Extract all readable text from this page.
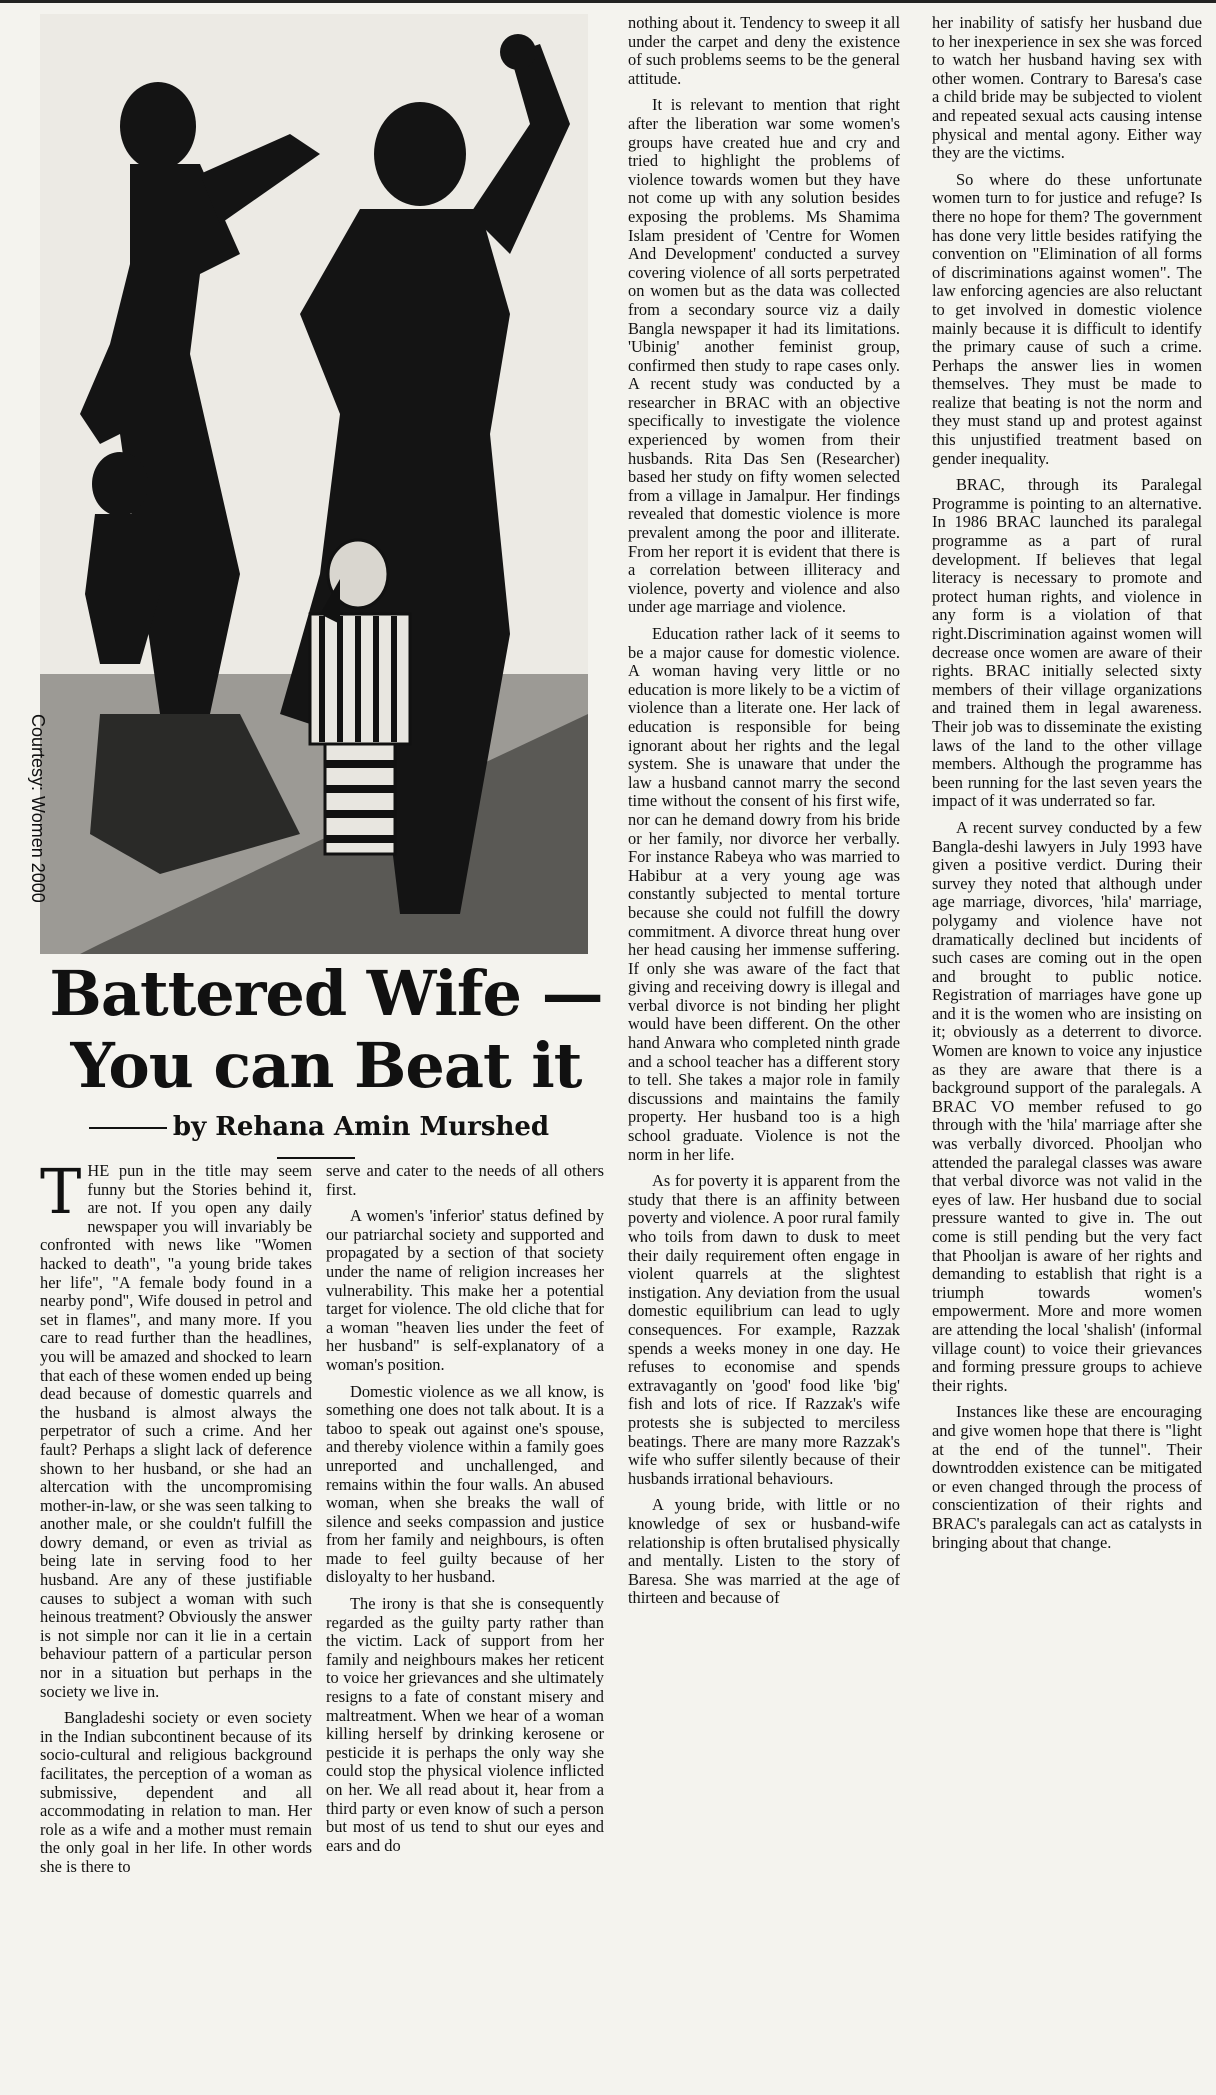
Courtesy: Women 2000
Battered Wife —
You can Beat it
by Rehana Amin Murshed

THE pun in the title may seem funny but the Stories behind it, are not. If you open any daily newspaper you will invariably be confronted with news like "Women hacked to death", "a young bride takes her life", "A female body found in a nearby pond", Wife doused in petrol and set in flames", and many more. If you care to read further than the headlines, you will be amazed and shocked to learn that each of these women ended up being dead because of domestic quarrels and the husband is almost always the perpetrator of such a crime. And her fault? Perhaps a slight lack of deference shown to her husband, or she had an altercation with the uncompromising mother-in-law, or she was seen talking to another male, or she couldn't fulfill the dowry demand, or even as trivial as being late in serving food to her husband. Are any of these justifiable causes to subject a woman with such heinous treatment? Obviously the answer is not simple nor can it lie in a certain behaviour pattern of a particular person nor in a situation but perhaps in the society we live in.

Bangladeshi society or even society in the Indian subcontinent because of its socio-cultural and religious background facilitates, the perception of a woman as submissive, dependent and all accommodating in relation to man. Her role as a wife and a mother must remain the only goal in her life. In other words she is there to

serve and cater to the needs of all others first.

A women's 'inferior' status defined by our patriarchal society and supported and propagated by a section of that society under the name of religion increases her vulnerability. This make her a potential target for violence. The old cliche that for a woman "heaven lies under the feet of her husband" is self-explanatory of a woman's position.

Domestic violence as we all know, is something one does not talk about. It is a taboo to speak out against one's spouse, and thereby violence within a family goes unreported and unchallenged, and remains within the four walls. An abused woman, when she breaks the wall of silence and seeks compassion and justice from her family and neighbours, is often made to feel guilty because of her disloyalty to her husband.

The irony is that she is consequently regarded as the guilty party rather than the victim. Lack of support from her family and neighbours makes her reticent to voice her grievances and she ultimately resigns to a fate of constant misery and maltreatment. When we hear of a woman killing herself by drinking kerosene or pesticide it is perhaps the only way she could stop the physical violence inflicted on her. We all read about it, hear from a third party or even know of such a person but most of us tend to shut our eyes and ears and do

nothing about it. Tendency to sweep it all under the carpet and deny the existence of such problems seems to be the general attitude.

It is relevant to mention that right after the liberation war some women's groups have created hue and cry and tried to highlight the problems of violence towards women but they have not come up with any solution besides exposing the problems. Ms Shamima Islam president of 'Centre for Women And Development' conducted a survey covering violence of all sorts perpetrated on women but as the data was collected from a secondary source viz a daily Bangla newspaper it had its limitations. 'Ubinig' another feminist group, confirmed then study to rape cases only. A recent study was conducted by a researcher in BRAC with an objective specifically to investigate the violence experienced by women from their husbands. Rita Das Sen (Researcher) based her study on fifty women selected from a village in Jamalpur. Her findings revealed that domestic violence is more prevalent among the poor and illiterate. From her report it is evident that there is a correlation between illiteracy and violence, poverty and violence and also under age marriage and violence.

Education rather lack of it seems to be a major cause for domestic violence. A woman having very little or no education is more likely to be a victim of violence than a literate one. Her lack of education is responsible for being ignorant about her rights and the legal system. She is unaware that under the law a husband cannot marry the second time without the consent of his first wife, nor can he demand dowry from his bride or her family, nor divorce her verbally. For instance Rabeya who was married to Habibur at a very young age was constantly subjected to mental torture because she could not fulfill the dowry commitment. A divorce threat hung over her head causing her immense suffering. If only she was aware of the fact that giving and receiving dowry is illegal and verbal divorce is not binding her plight would have been different. On the other hand Anwara who completed ninth grade and a school teacher has a different story to tell. She takes a major role in family discussions and maintains the family property. Her husband too is a high school graduate. Violence is not the norm in her life.

As for poverty it is apparent from the study that there is an affinity between poverty and violence. A poor rural family who toils from dawn to dusk to meet their daily requirement often engage in violent quarrels at the slightest instigation. Any deviation from the usual domestic equilibrium can lead to ugly consequences. For example, Razzak spends a weeks money in one day. He refuses to economise and spends extravagantly on 'good' food like 'big' fish and lots of rice. If Razzak's wife protests she is subjected to merciless beatings. There are many more Razzak's wife who suffer silently because of their husbands irrational behaviours.

A young bride, with little or no knowledge of sex or husband-wife relationship is often brutalised physically and mentally. Listen to the story of Baresa. She was married at the age of thirteen and because of

her inability of satisfy her husband due to her inexperience in sex she was forced to watch her husband having sex with other women. Contrary to Baresa's case a child bride may be subjected to violent and repeated sexual acts causing intense physical and mental agony. Either way they are the victims.

So where do these unfortunate women turn to for justice and refuge? Is there no hope for them? The government has done very little besides ratifying the convention on "Elimination of all forms of discriminations against women". The law enforcing agencies are also reluctant to get involved in domestic violence mainly because it is difficult to identify the primary cause of such a crime. Perhaps the answer lies in women themselves. They must be made to realize that beating is not the norm and they must stand up and protest against this unjustified treatment based on gender inequality.

BRAC, through its Paralegal Programme is pointing to an alternative. In 1986 BRAC launched its paralegal programme as a part of rural development. If believes that legal literacy is necessary to promote and protect human rights, and violence in any form is a violation of that right.Discrimination against women will decrease once women are aware of their rights. BRAC initially selected sixty members of their village organizations and trained them in legal awareness. Their job was to disseminate the existing laws of the land to the other village members. Although the programme has been running for the last seven years the impact of it was underrated so far.

A recent survey conducted by a few Bangla-deshi lawyers in July 1993 have given a positive verdict. During their survey they noted that although under age marriage, divorces, 'hila' marriage, polygamy and violence have not dramatically declined but incidents of such cases are coming out in the open and brought to public notice. Registration of marriages have gone up and it is the women who are insisting on it; obviously as a deterrent to divorce. Women are known to voice any injustice as they are aware that there is a background support of the paralegals. A BRAC VO member refused to go through with the 'hila' marriage after she was verbally divorced. Phooljan who attended the paralegal classes was aware that verbal divorce was not valid in the eyes of law. Her husband due to social pressure wanted to give in. The out come is still pending but the very fact that Phooljan is aware of her rights and demanding to establish that right is a triumph towards women's empowerment. More and more women are attending the local 'shalish' (informal village count) to voice their grievances and forming pressure groups to achieve their rights.

Instances like these are encouraging and give women hope that there is "light at the end of the tunnel". Their downtrodden existence can be mitigated or even changed through the process of conscientization of their rights and BRAC's paralegals can act as catalysts in bringing about that change.
